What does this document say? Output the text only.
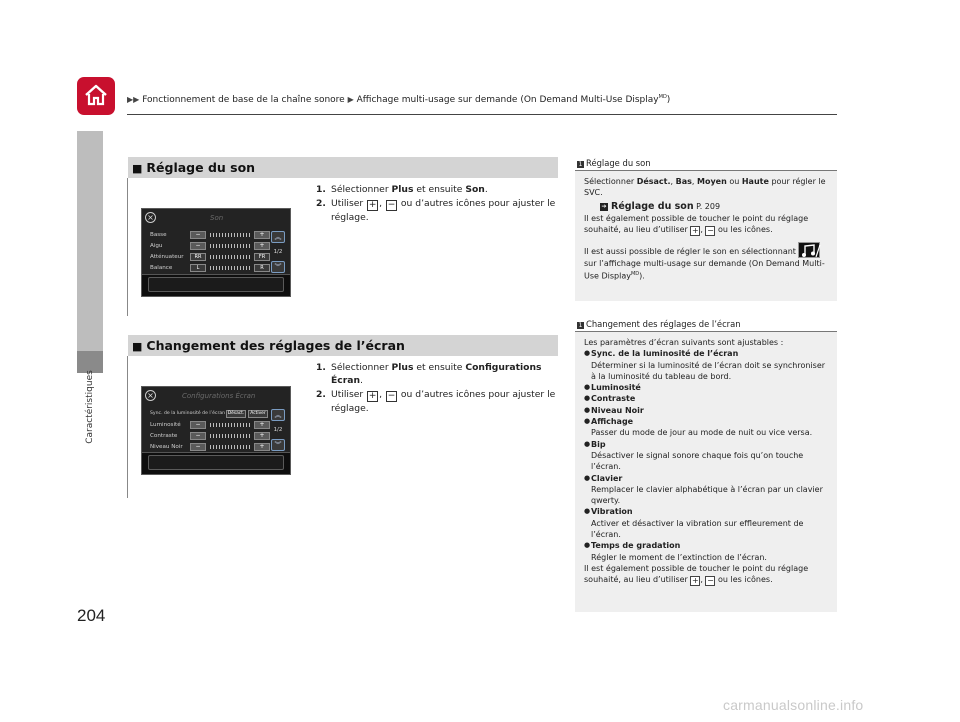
▶▶ Fonctionnement de base de la chaîne sonore ▶ Affichage multi-usage sur demande (On Demand Multi-Use Display$^{MD}$)
Caractéristiques
204
■ Réglage du son
×	Son
Basse	−	+
Aigu	−	+
Atténuateur	RR	FR
Balance	L	R
︽
1/2
︾
1. Sélectionner Plus et ensuite Son.
2. Utiliser + , − ou d’autres icônes pour ajuster le réglage.
■ Changement des réglages de l’écran
×	Configurations Écran
Sync. de la luminosité de l’écran Désact.	Activer
Luminosité	−	+
Contraste	−	+
Niveau Noir	−	+
︽
1/2
︾
1. Sélectionner Plus et ensuite Configurations Écran.
2. Utiliser + , − ou d’autres icônes pour ajuster le réglage.
1 Réglage du son

Sélectionner Désact., Bas, Moyen ou Haute pour régler le

SVC.

➔ Réglage du son P. 209

Il est également possible de toucher le point du réglage

souhaité, au lieu d’utiliser + , − ou les icônes.

Il est aussi possible de régler le son en sélectionnant

sur l’affichage multi-usage sur demande (On Demand Multi-

Use Display$^{MD}$).

1 Changement des réglages de l’écran

Les paramètres d’écran suivants sont ajustables :

● Sync. de la luminosité de l’écran
Déterminer si la luminosité de l’écran doit se synchroniser
à la luminosité du tableau de bord.
● Luminosité
● Contraste
● Niveau Noir
● Affichage
Passer du mode de jour au mode de nuit ou vice versa.
● Bip
Désactiver le signal sonore chaque fois qu’on touche
l’écran.
● Clavier
Remplacer le clavier alphabétique à l’écran par un clavier
qwerty.
● Vibration
Activer et désactiver la vibration sur effleurement de
l’écran.
● Temps de gradation
Régler le moment de l’extinction de l’écran.

Il est également possible de toucher le point du réglage

souhaité, au lieu d’utiliser + , − ou les icônes.

carmanualsonline.info
